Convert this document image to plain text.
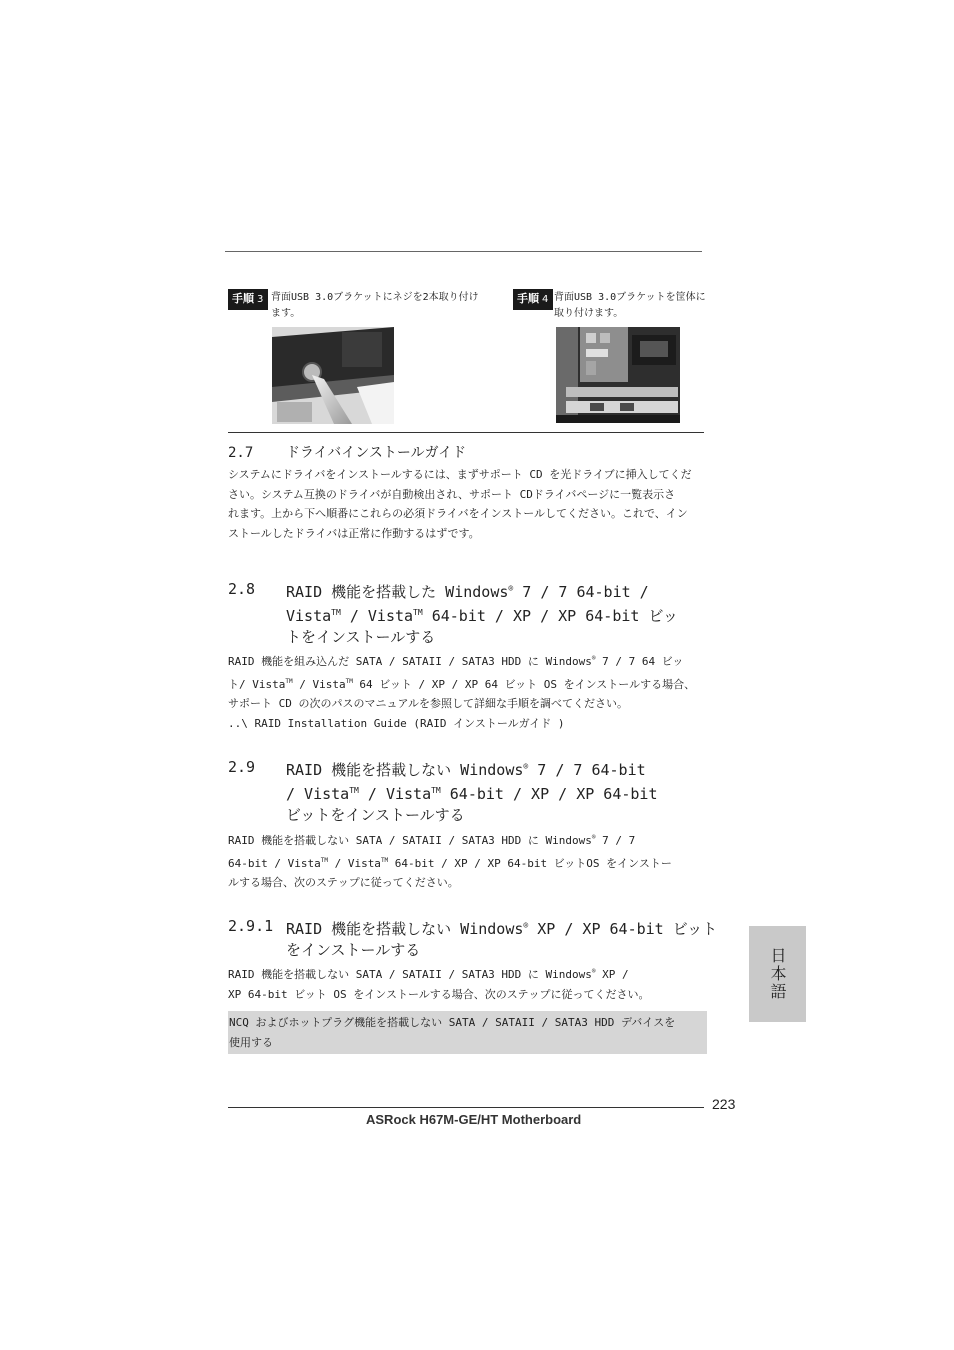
手順 3 背面USB 3.0ブラケットにネジを2本取り付け
ます。
手順 4 背面USB 3.0ブラケットを筐体に
取り付けます。
2.7 ドライバインストールガイド
システムにドライバをインストールするには、まずサポート CD を光ドライブに挿入してくだ
さい。システム互換のドライバが自動検出され、サポート CDドライバページに一覧表示さ
れます。上から下へ順番にこれらの必須ドライバをインストールしてください。これで、イン
ストールしたドライバは正常に作動するはずです。
2.8 RAID 機能を搭載した Windows® 7 / 7 64-bit /
Vista™ / Vista™ 64-bit / XP / XP 64-bit ビッ
トをインストールする
RAID 機能を組み込んだ SATA / SATAII / SATA3 HDD に Windows® 7 / 7 64 ビッ
ト/ Vista™ / Vista™ 64 ビット / XP / XP 64 ビット OS をインストールする場合、
サポート CD の次のパスのマニュアルを参照して詳細な手順を調べてください。
..\ RAID Installation Guide (RAID インストールガイド )
2.9 RAID 機能を搭載しない Windows® 7 / 7 64-bit
/ Vista™ / Vista™ 64-bit / XP / XP 64-bit
ビットをインストールする
RAID 機能を搭載しない SATA / SATAII / SATA3 HDD に Windows® 7 / 7
64-bit / Vista™ / Vista™ 64-bit / XP / XP 64-bit ビットOS をインストー
ルする場合、次のステップに従ってください。
2.9.1 RAID 機能を搭載しない Windows® XP / XP 64-bit ビット
をインストールする
RAID 機能を搭載しない SATA / SATAII / SATA3 HDD に Windows® XP /
XP 64-bit ビット OS をインストールする場合、次のステップに従ってください。
NCQ およびホットプラグ機能を搭載しない SATA / SATAII / SATA3 HDD デバイスを
使用する
日本語
223
ASRock H67M-GE/HT Motherboard
